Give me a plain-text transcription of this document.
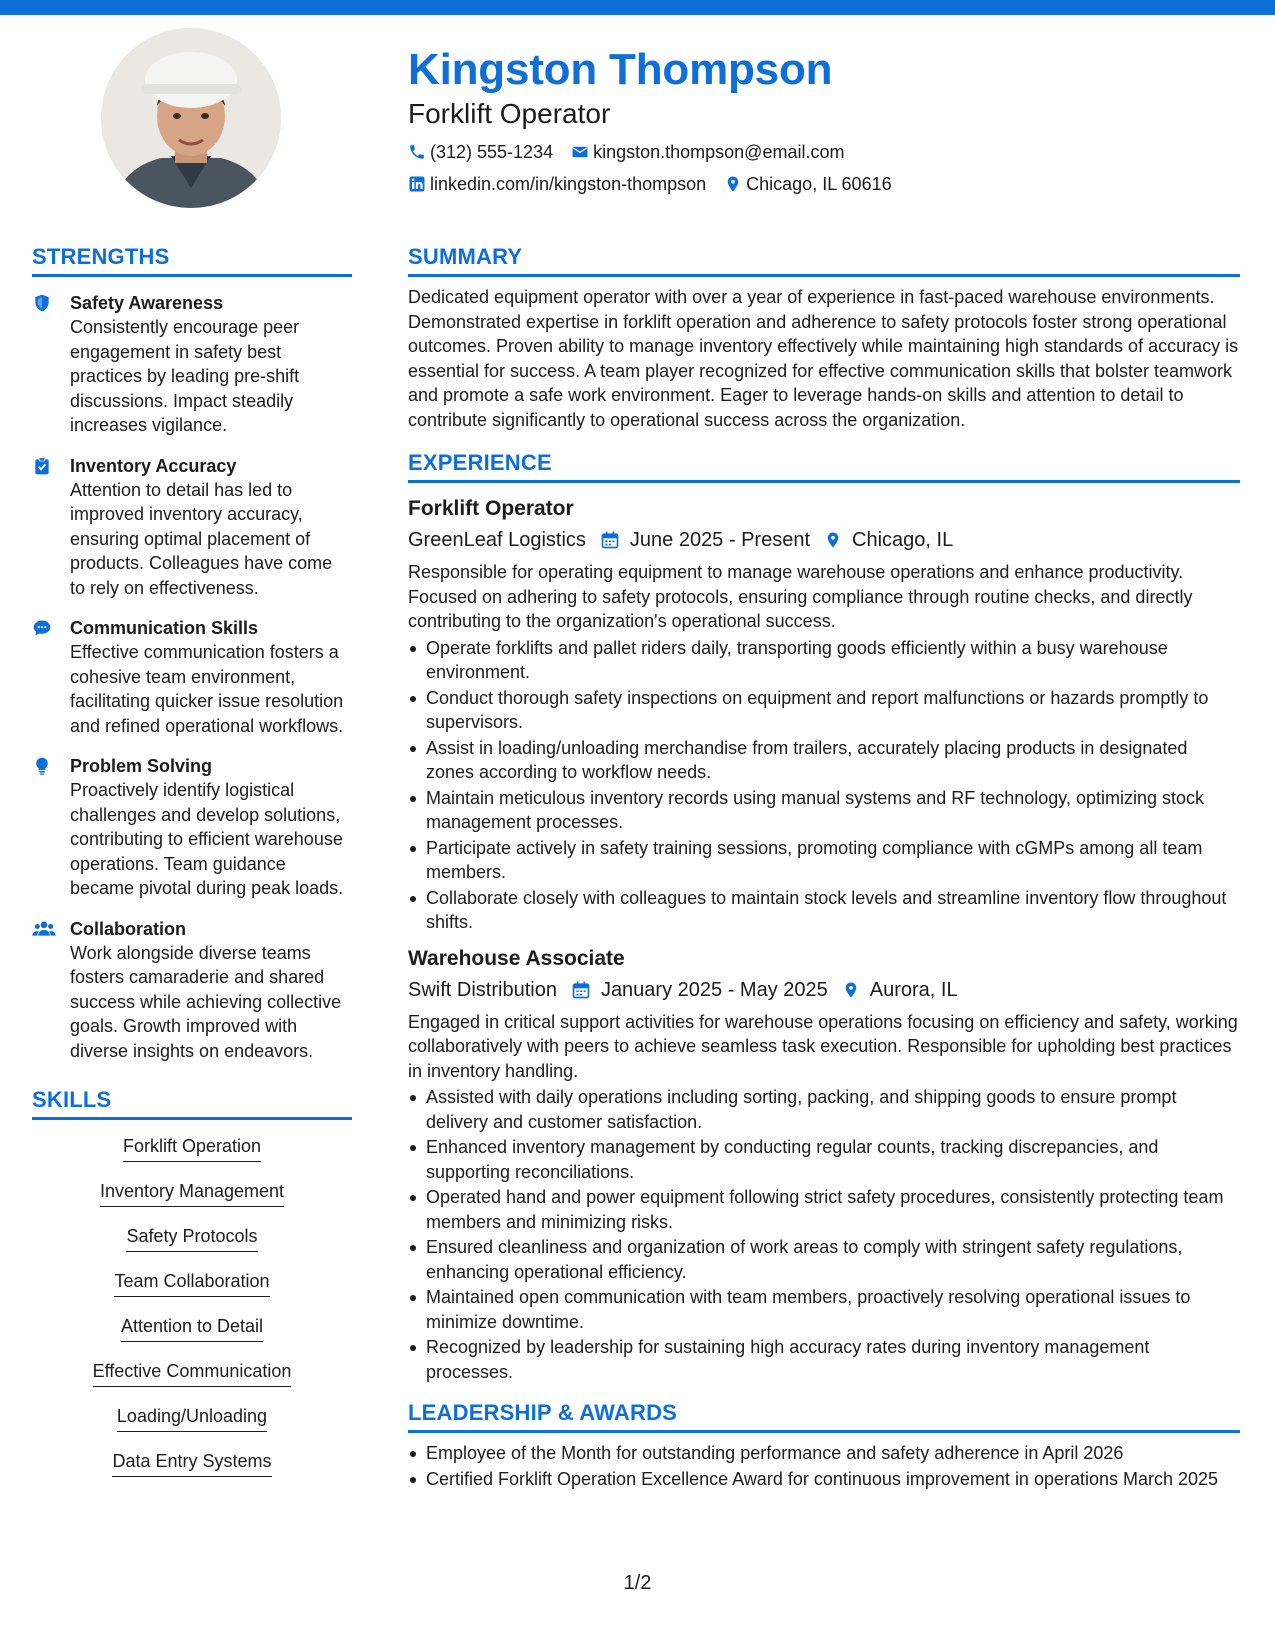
Kingston Thompson
Forklift Operator
(312) 555-1234 kingston.thompson@email.com
linkedin.com/in/kingston-thompson Chicago, IL 60616
STRENGTHS
Safety Awareness
Consistently encourage peer engagement in safety best practices by leading pre-shift discussions. Impact steadily increases vigilance.
Inventory Accuracy
Attention to detail has led to improved inventory accuracy, ensuring optimal placement of products. Colleagues have come to rely on effectiveness.
Communication Skills
Effective communication fosters a cohesive team environment, facilitating quicker issue resolution and refined operational workflows.
Problem Solving
Proactively identify logistical challenges and develop solutions, contributing to efficient warehouse operations. Team guidance became pivotal during peak loads.
Collaboration
Work alongside diverse teams fosters camaraderie and shared success while achieving collective goals. Growth improved with diverse insights on endeavors.
SKILLS
Forklift Operation
Inventory Management
Safety Protocols
Team Collaboration
Attention to Detail
Effective Communication
Loading/Unloading
Data Entry Systems
SUMMARY
Dedicated equipment operator with over a year of experience in fast-paced warehouse environments. Demonstrated expertise in forklift operation and adherence to safety protocols foster strong operational outcomes. Proven ability to manage inventory effectively while maintaining high standards of accuracy is essential for success. A team player recognized for effective communication skills that bolster teamwork and promote a safe work environment. Eager to leverage hands-on skills and attention to detail to contribute significantly to operational success across the organization.
EXPERIENCE
Forklift Operator
GreenLeaf Logistics June 2025 - Present Chicago, IL
Responsible for operating equipment to manage warehouse operations and enhance productivity. Focused on adhering to safety protocols, ensuring compliance through routine checks, and directly contributing to the organization's operational success.
Operate forklifts and pallet riders daily, transporting goods efficiently within a busy warehouse environment.
Conduct thorough safety inspections on equipment and report malfunctions or hazards promptly to supervisors.
Assist in loading/unloading merchandise from trailers, accurately placing products in designated zones according to workflow needs.
Maintain meticulous inventory records using manual systems and RF technology, optimizing stock management processes.
Participate actively in safety training sessions, promoting compliance with cGMPs among all team members.
Collaborate closely with colleagues to maintain stock levels and streamline inventory flow throughout shifts.
Warehouse Associate
Swift Distribution January 2025 - May 2025 Aurora, IL
Engaged in critical support activities for warehouse operations focusing on efficiency and safety, working collaboratively with peers to achieve seamless task execution. Responsible for upholding best practices in inventory handling.
Assisted with daily operations including sorting, packing, and shipping goods to ensure prompt delivery and customer satisfaction.
Enhanced inventory management by conducting regular counts, tracking discrepancies, and supporting reconciliations.
Operated hand and power equipment following strict safety procedures, consistently protecting team members and minimizing risks.
Ensured cleanliness and organization of work areas to comply with stringent safety regulations, enhancing operational efficiency.
Maintained open communication with team members, proactively resolving operational issues to minimize downtime.
Recognized by leadership for sustaining high accuracy rates during inventory management processes.
LEADERSHIP & AWARDS
Employee of the Month for outstanding performance and safety adherence in April 2026
Certified Forklift Operation Excellence Award for continuous improvement in operations March 2025
1/2
